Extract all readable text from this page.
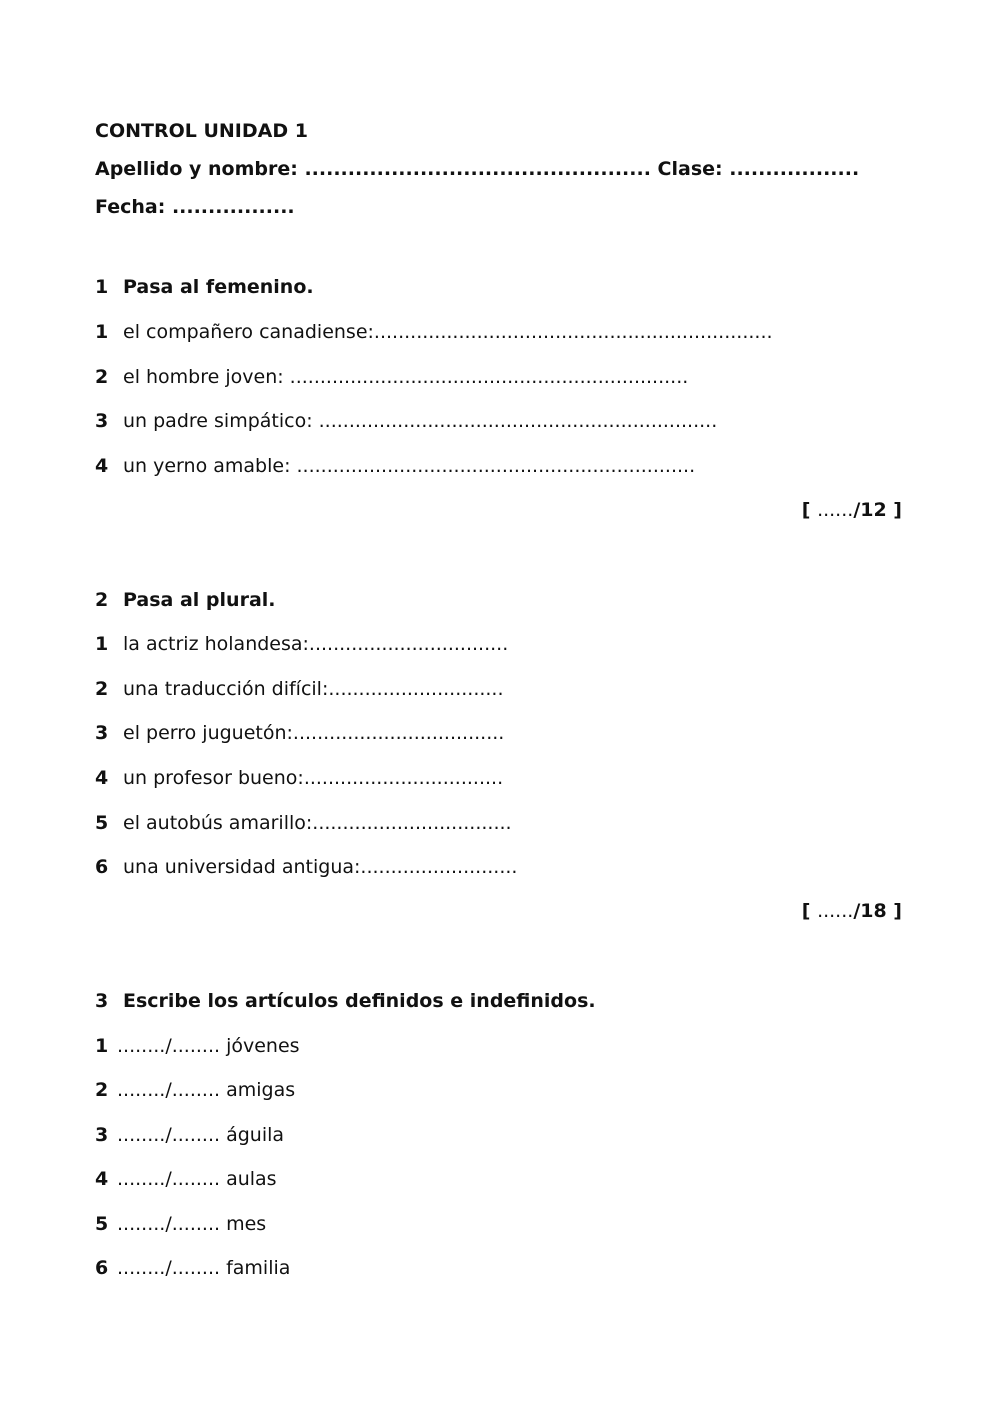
CONTROL UNIDAD 1
Apellido y nombre: ................................................ Clase: ..................
Fecha: .................
1 Pasa al femenino.
1 el compañero canadiense:..................................................................
2 el hombre joven: ..................................................................
3 un padre simpático: ..................................................................
4 un yerno amable: ..................................................................
[ ....../12 ]
2 Pasa al plural.
1 la actriz holandesa:.................................
2 una traducción difícil:.............................
3 el perro juguetón:...................................
4 un profesor bueno:.................................
5 el autobús amarillo:.................................
6 una universidad antigua:..........................
[ ....../18 ]
3 Escribe los artículos definidos e indefinidos.
1 ......../........ jóvenes
2 ......../........ amigas
3 ......../........ águila
4 ......../........ aulas
5 ......../........ mes
6 ......../........ familia
